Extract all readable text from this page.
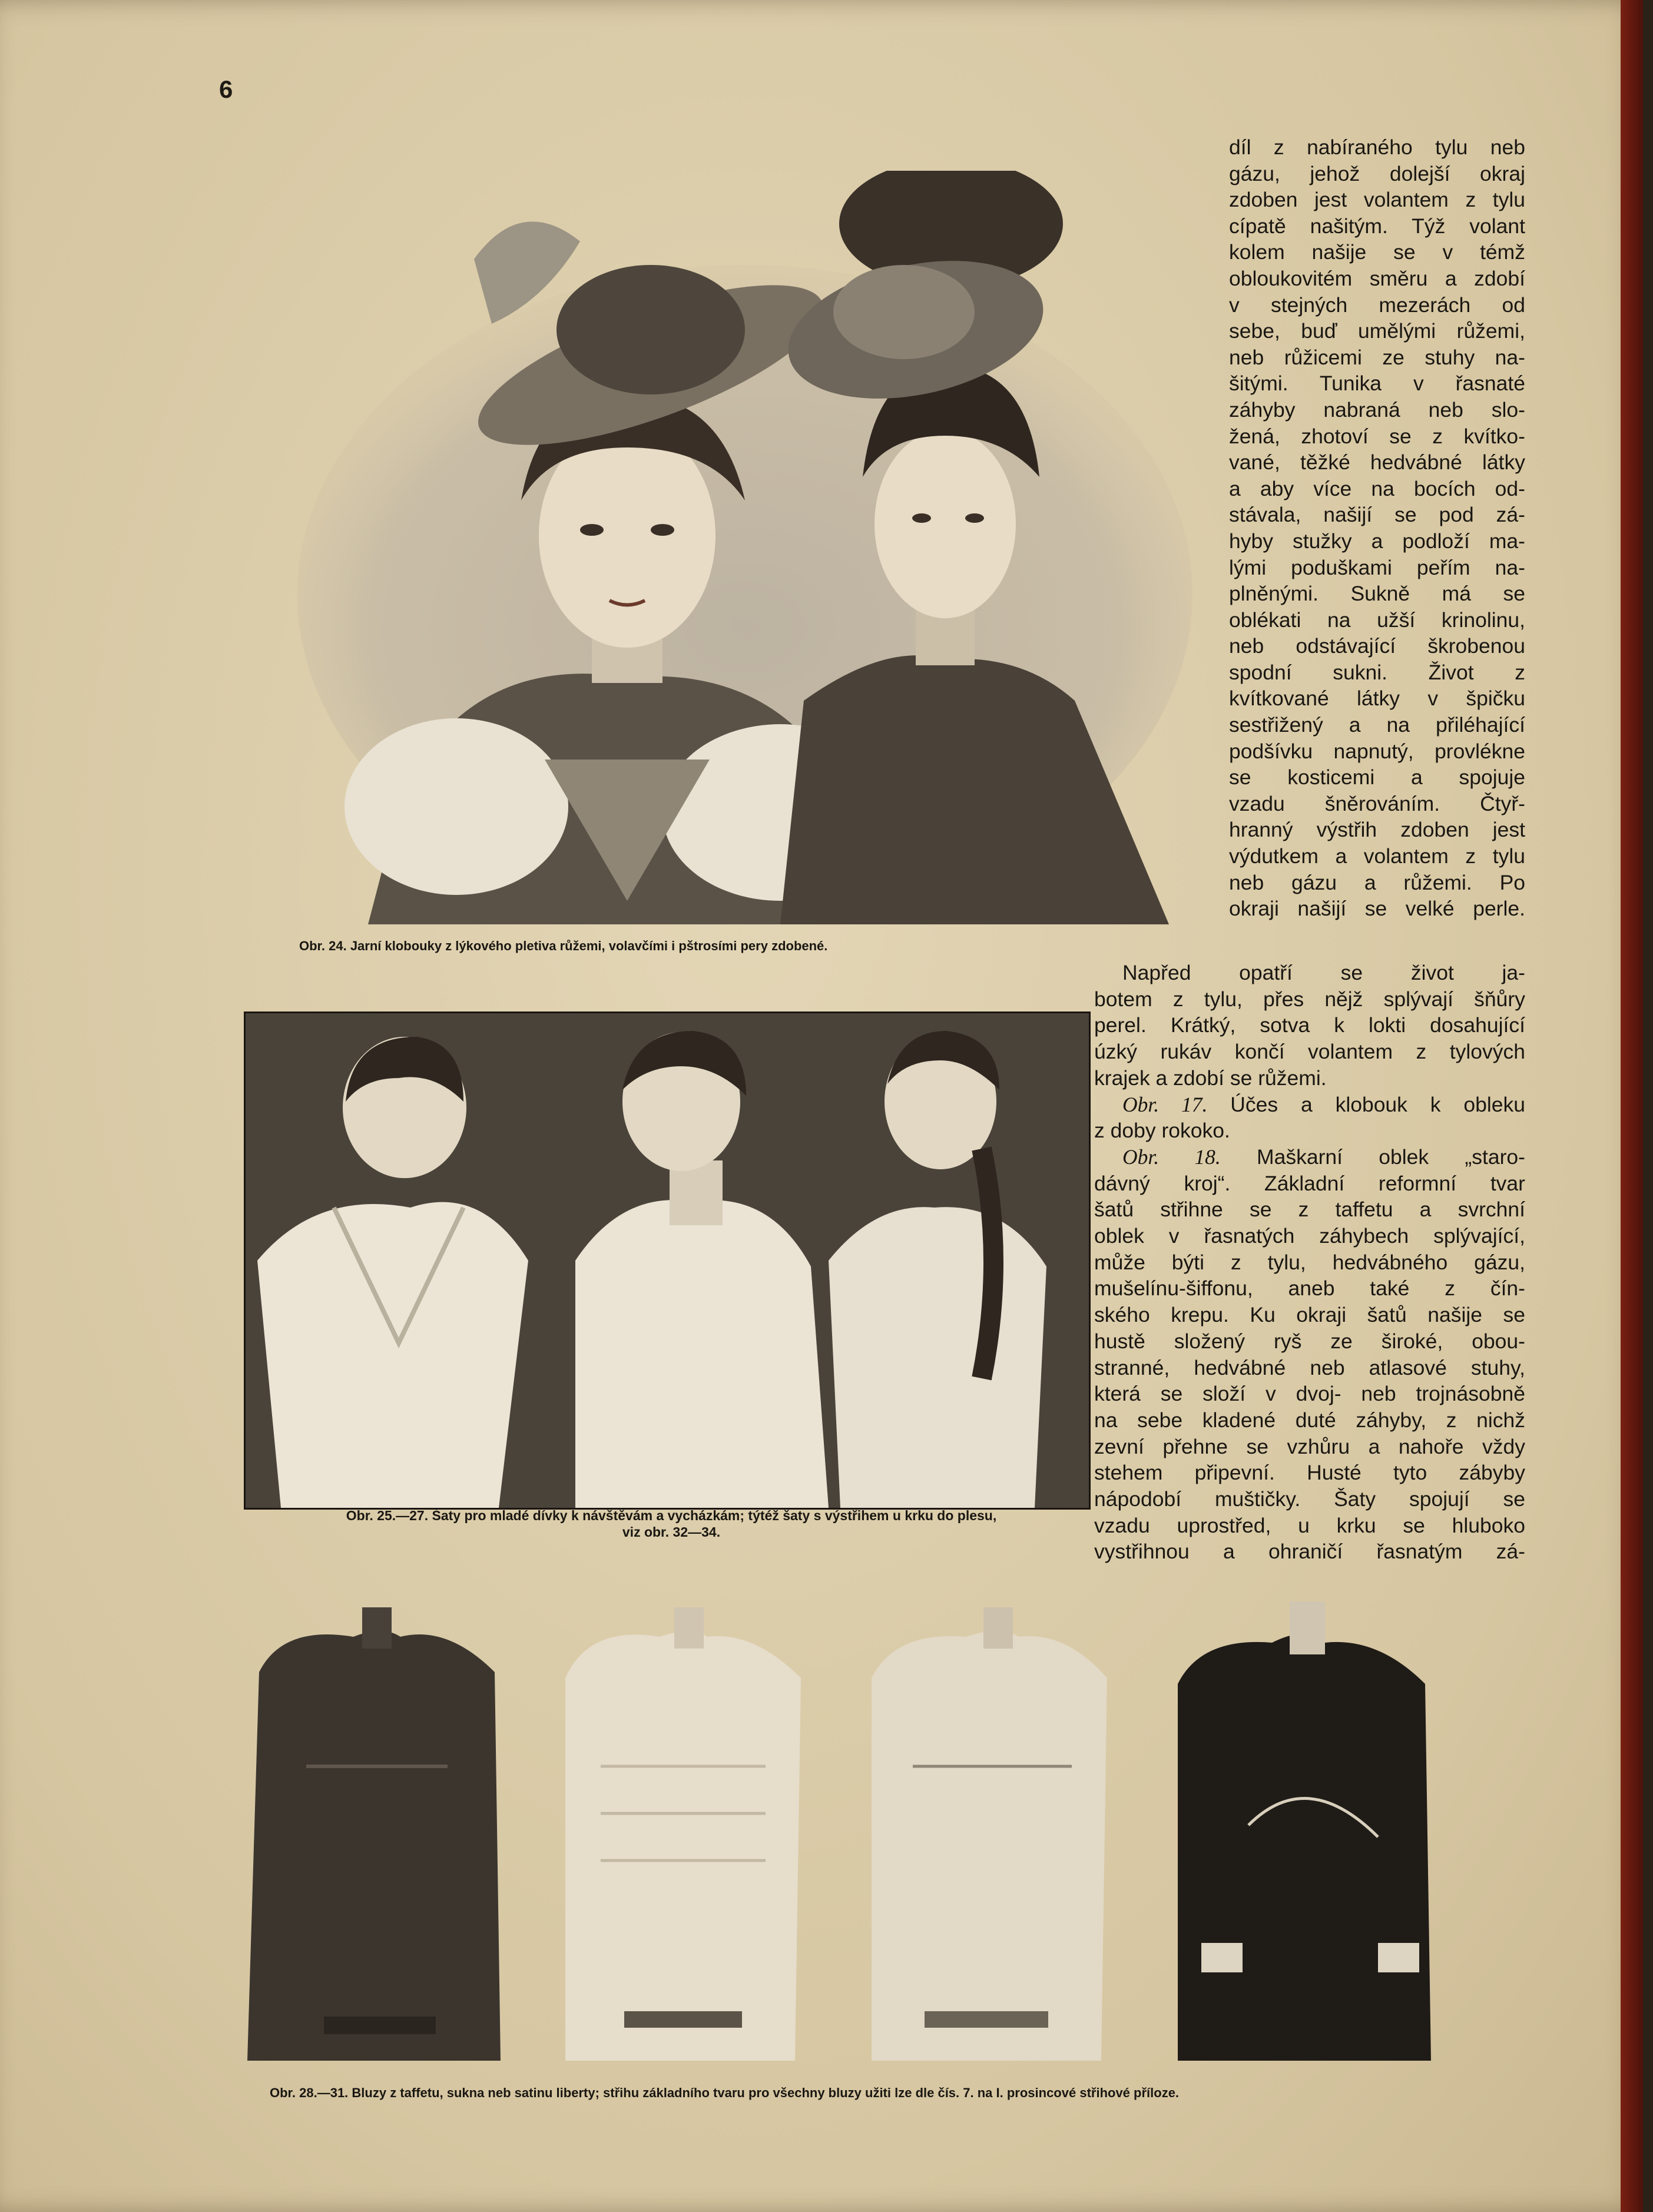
6
Obr. 24. Jarní klobouky z lýkového pletiva růžemi, volavčími i pštrosími pery zdobené.
Obr. 25.—27. Šaty pro mladé dívky k návštěvám a vycházkám; týtéž šaty s výstřihem u krku do plesu,
viz obr. 32—34.
díl z nabíraného tylu neb
gázu, jehož dolejší okraj
zdoben jest volantem z tylu
cípatě našitým. Týž volant
kolem našije se v témž
obloukovitém směru a zdobí
v stejných mezerách od
sebe, buď umělými růžemi,
neb růžicemi ze stuhy na-
šitými. Tunika v řasnaté
záhyby nabraná neb slo-
žená, zhotoví se z kvítko-
vané, těžké hedvábné látky
a aby více na bocích od-
stávala, našijí se pod zá-
hyby stužky a podloží ma-
lými poduškami peřím na-
plněnými. Sukně má se
oblékati na užší krinolinu,
neb odstávající škrobenou
spodní sukni. Život z
kvítkované látky v špičku
sestřižený a na přiléhající
podšívku napnutý, provlékne
se kosticemi a spojuje
vzadu šněrováním. Čtyř-
hranný výstřih zdoben jest
výdutkem a volantem z tylu
neb gázu a růžemi. Po
okraji našijí se velké perle.
Napřed opatří se život ja-
botem z tylu, přes nějž splývají šňůry
perel. Krátký, sotva k lokti dosahující
úzký rukáv končí volantem z tylových
krajek a zdobí se růžemi.
Obr. 17. Účes a klobouk k obleku
z doby rokoko.
Obr. 18. Maškarní oblek „staro-
dávný kroj“. Základní reformní tvar
šatů střihne se z taffetu a svrchní
oblek v řasnatých záhybech splývající,
může býti z tylu, hedvábného gázu,
mušelínu-šiffonu, aneb také z čín-
ského krepu. Ku okraji šatů našije se
hustě složený ryš ze široké, obou-
stranné, hedvábné neb atlasové stuhy,
která se složí v dvoj- neb trojnásobně
na sebe kladené duté záhyby, z nichž
zevní přehne se vzhůru a nahoře vždy
stehem připevní. Husté tyto zábyby
nápodobí muštičky. Šaty spojují se
vzadu uprostřed, u krku se hluboko
vystřihnou a ohraničí řasnatým zá-
Obr. 28.—31. Bluzy z taffetu, sukna neb satinu liberty; střihu základního tvaru pro všechny bluzy užiti lze dle čís. 7. na I. prosincové střihové příloze.
